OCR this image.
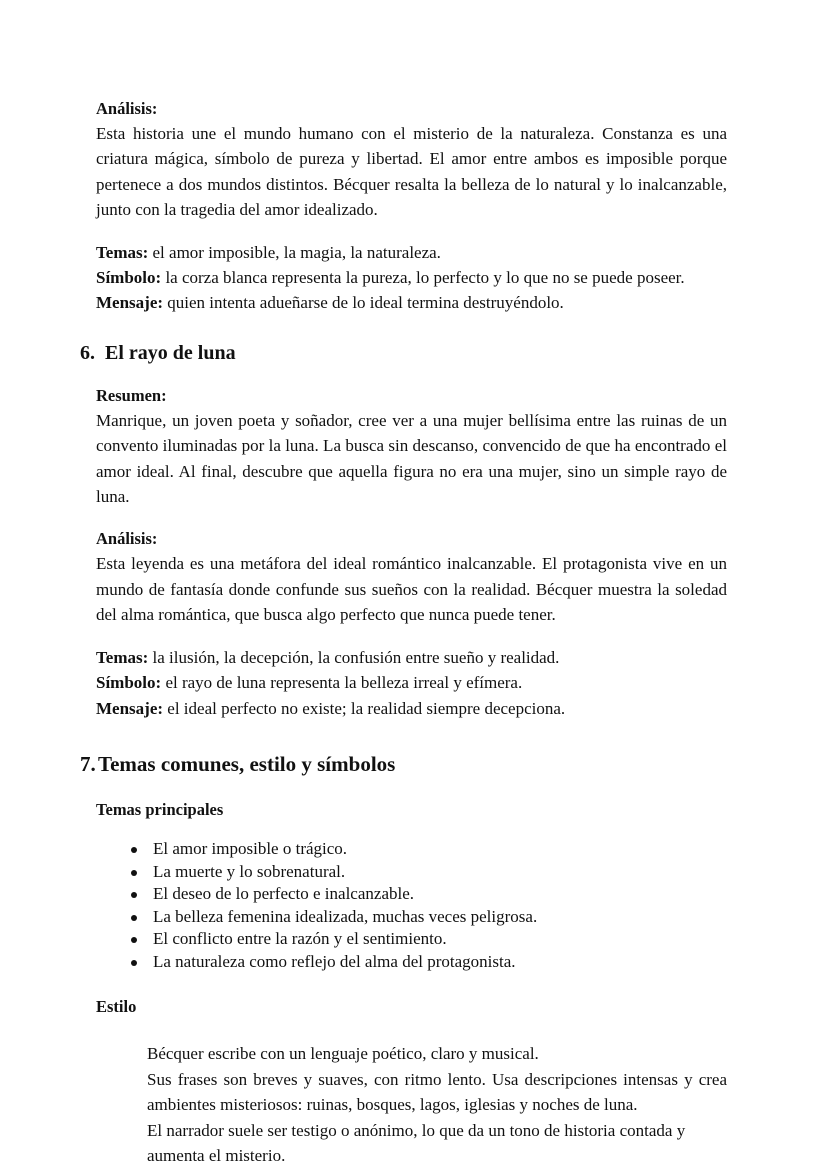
Análisis:

Esta historia une el mundo humano con el misterio de la naturaleza. Constanza es una criatura mágica, símbolo de pureza y libertad. El amor entre ambos es imposible porque pertenece a dos mundos distintos. Bécquer resalta la belleza de lo natural y lo inalcanzable, junto con la tragedia del amor idealizado.

Temas: el amor imposible, la magia, la naturaleza.

Símbolo: la corza blanca representa la pureza, lo perfecto y lo que no se puede poseer.

Mensaje: quien intenta adueñarse de lo ideal termina destruyéndolo.

6. El rayo de luna

Resumen:

Manrique, un joven poeta y soñador, cree ver a una mujer bellísima entre las ruinas de un convento iluminadas por la luna. La busca sin descanso, convencido de que ha encontrado el amor ideal. Al final, descubre que aquella figura no era una mujer, sino un simple rayo de luna.

Análisis:

Esta leyenda es una metáfora del ideal romántico inalcanzable. El protagonista vive en un mundo de fantasía donde confunde sus sueños con la realidad. Bécquer muestra la soledad del alma romántica, que busca algo perfecto que nunca puede tener.

Temas: la ilusión, la decepción, la confusión entre sueño y realidad.

Símbolo: el rayo de luna representa la belleza irreal y efímera.

Mensaje: el ideal perfecto no existe; la realidad siempre decepciona.

7. Temas comunes, estilo y símbolos

Temas principales

El amor imposible o trágico.
La muerte y lo sobrenatural.
El deseo de lo perfecto e inalcanzable.
La belleza femenina idealizada, muchas veces peligrosa.
El conflicto entre la razón y el sentimiento.
La naturaleza como reflejo del alma del protagonista.

Estilo

Bécquer escribe con un lenguaje poético, claro y musical.

Sus frases son breves y suaves, con ritmo lento. Usa descripciones intensas y crea ambientes misteriosos: ruinas, bosques, lagos, iglesias y noches de luna.

El narrador suele ser testigo o anónimo, lo que da un tono de historia contada y aumenta el misterio.
